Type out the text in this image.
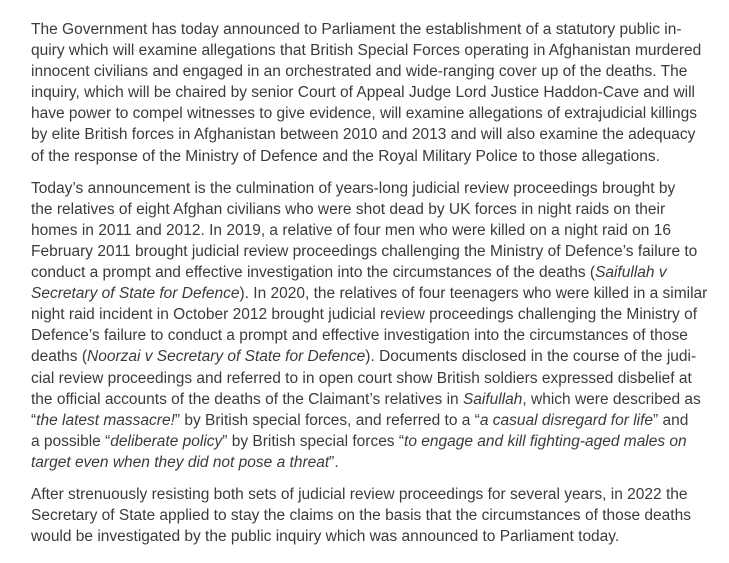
The Government has today announced to Parliament the establishment of a statutory public in-
quiry which will examine allegations that British Special Forces operating in Afghanistan murdered
innocent civilians and engaged in an orchestrated and wide-ranging cover up of the deaths. The
inquiry, which will be chaired by senior Court of Appeal Judge Lord Justice Haddon-Cave and will
have power to compel witnesses to give evidence, will examine allegations of extrajudicial killings
by elite British forces in Afghanistan between 2010 and 2013 and will also examine the adequacy
of the response of the Ministry of Defence and the Royal Military Police to those allegations.

Today’s announcement is the culmination of years-long judicial review proceedings brought by
the relatives of eight Afghan civilians who were shot dead by UK forces in night raids on their
homes in 2011 and 2012. In 2019, a relative of four men who were killed on a night raid on 16
February 2011 brought judicial review proceedings challenging the Ministry of Defence’s failure to
conduct a prompt and effective investigation into the circumstances of the deaths (Saifullah v
Secretary of State for Defence). In 2020, the relatives of four teenagers who were killed in a similar
night raid incident in October 2012 brought judicial review proceedings challenging the Ministry of
Defence’s failure to conduct a prompt and effective investigation into the circumstances of those
deaths (Noorzai v Secretary of State for Defence). Documents disclosed in the course of the judi-
cial review proceedings and referred to in open court show British soldiers expressed disbelief at
the official accounts of the deaths of the Claimant’s relatives in Saifullah, which were described as
“the latest massacre!” by British special forces, and referred to a “a casual disregard for life” and
a possible “deliberate policy” by British special forces “to engage and kill fighting-aged males on
target even when they did not pose a threat”.

After strenuously resisting both sets of judicial review proceedings for several years, in 2022 the
Secretary of State applied to stay the claims on the basis that the circumstances of those deaths
would be investigated by the public inquiry which was announced to Parliament today.
